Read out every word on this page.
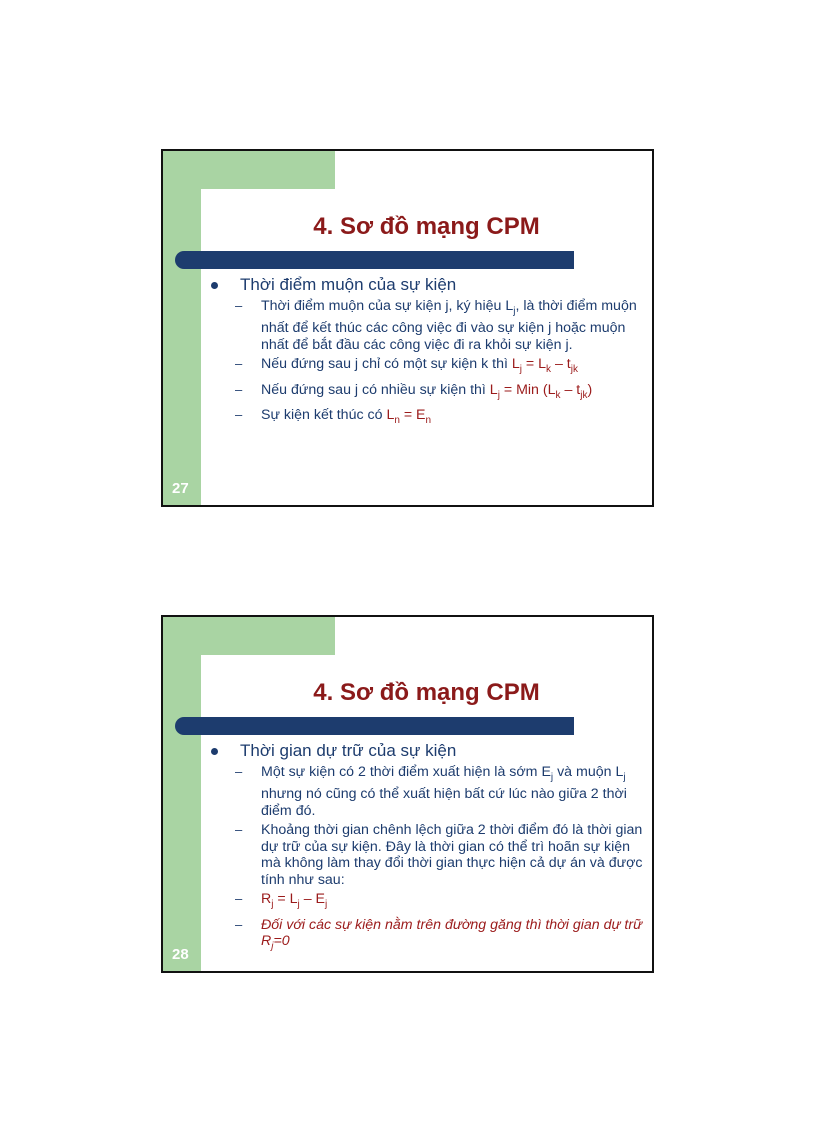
4. Sơ đồ mạng CPM
27
Thời điểm muộn của sự kiện
–	Thời điểm muộn của sự kiện j, ký hiệu $L_j$, là thời điểm muộn nhất để kết thúc các công việc đi vào sự kiện j hoặc muộn nhất để bắt đầu các công việc đi ra khỏi sự kiện j.
–	Nếu đứng sau j chỉ có một sự kiện k thì $L_j = L_k - t_{jk}$
–	Nếu đứng sau j có nhiều sự kiện thì $L_j$ = Min $(L_k - t_{jk})$
–	Sự kiện kết thúc có $L_n = E_n$
4. Sơ đồ mạng CPM
28
Thời gian dự trữ của sự kiện
–	Một sự kiện có 2 thời điểm xuất hiện là sớm $E_j$ và muộn $L_j$ nhưng nó cũng có thể xuất hiện bất cứ lúc nào giữa 2 thời điểm đó.
–	Khoảng thời gian chênh lệch giữa 2 thời điểm đó là thời gian dự trữ của sự kiện. Đây là thời gian có thể trì hoãn sự kiện mà không làm thay đổi thời gian thực hiện cả dự án và được tính như sau:
–	$R_j = L_j - E_j$
–	Đối với các sự kiện nằm trên đường găng thì thời gian dự trữ $R_j=0$
